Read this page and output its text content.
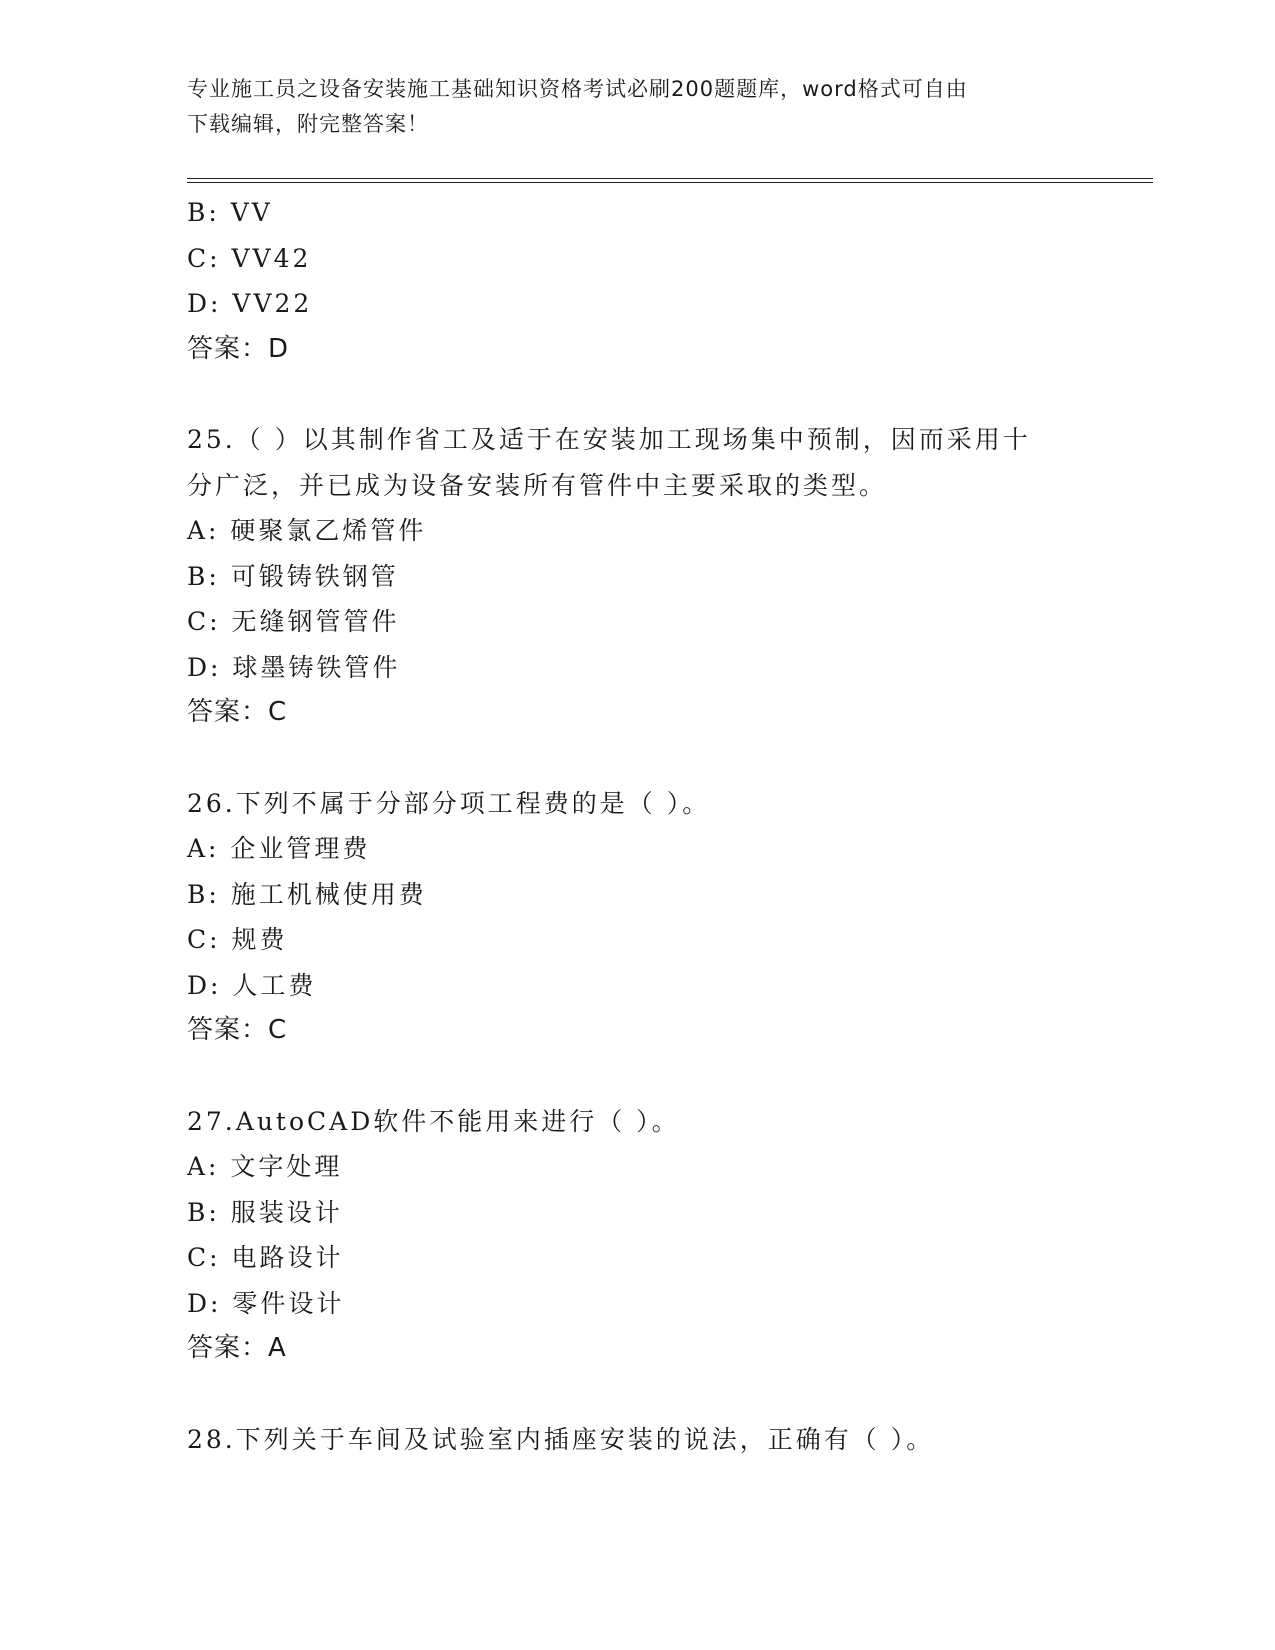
专业施工员之设备安装施工基础知识资格考试必刷200题题库，word格式可自由
下载编辑，附完整答案！
B: VV
C: VV42
D: VV22
答案：D
25.（ ）以其制作省工及适于在安装加工现场集中预制，因而采用十
分广泛，并已成为设备安装所有管件中主要采取的类型。
A: 硬聚氯乙烯管件
B: 可锻铸铁钢管
C: 无缝钢管管件
D: 球墨铸铁管件
答案：C
26.下列不属于分部分项工程费的是（ ）。
A: 企业管理费
B: 施工机械使用费
C: 规费
D: 人工费
答案：C
27.AutoCAD软件不能用来进行（ ）。
A: 文字处理
B: 服装设计
C: 电路设计
D: 零件设计
答案：A
28.下列关于车间及试验室内插座安装的说法，正确有（ ）。
